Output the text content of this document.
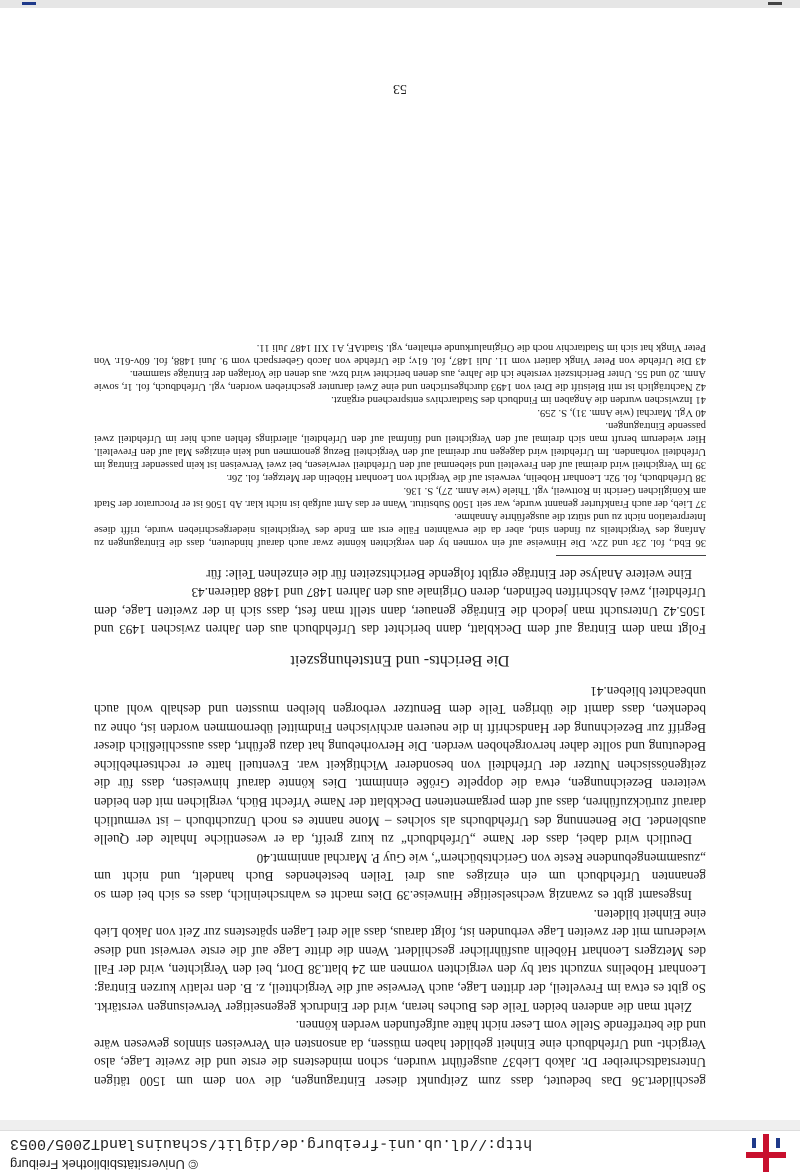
© Universitätsbibliothek Freiburg
http://dl.ub.uni-freiburg.de/diglit/schauinslandT2005/0053

geschildert.36 Das bedeutet, dass zum Zeitpunkt dieser Eintragungen, die von dem um 1500 tätigen Unterstadtschreiber Dr. Jakob Lieb37 ausgeführt wurden, schon mindestens die erste und die zweite Lage, also Vergicht- und Urfehdbuch eine Einheit gebildet haben müssen, da ansonsten ein Verweisen sinnlos gewesen wäre und die betreffende Stelle vom Leser nicht hätte aufgefunden werden können.

Zieht man die anderen beiden Teile des Buches heran, wird der Eindruck gegenseitiger Verweisungen verstärkt. So gibt es etwa im Frevelteil, der dritten Lage, auch Verweise auf die Vergichtteil, z. B. den relativ kurzen Eintrag: Leonhart Hobelins vnzucht stat by den vergichten vornnen am 24 blatt.38 Dort, bei den Vergichten, wird der Fall des Metzgers Leonhart Höbelin ausführlicher geschildert. Wenn die dritte Lage auf die erste verweist und diese wiederum mit der zweiten Lage verbunden ist, folgt daraus, dass alle drei Lagen spätestens zur Zeit von Jakob Lieb eine Einheit bildeten.

Insgesamt gibt es zwanzig wechselseitige Hinweise.39 Dies macht es wahrscheinlich, dass es sich bei dem so genannten Urfehdbuch um ein einziges aus drei Teilen bestehendes Buch handelt, und nicht um „zusammengebundene Reste von Gerichtsbüchern“, wie Guy P. Marchal annimmt.40

Deutlich wird dabei, dass der Name „Urfehdbuch“ zu kurz greift, da er wesentliche Inhalte der Quelle ausblendet. Die Benennung des Urfehdbuchs als solches – Mone nannte es noch Unzuchtbuch – ist vermutlich darauf zurückzuführen, dass auf dem pergamentenen Deckblatt der Name Vrfecht Büch, verglichen mit den beiden weiteren Bezeichnungen, etwa die doppelte Größe einnimmt. Dies könnte darauf hinweisen, dass für die zeitgenössischen Nutzer der Urfehdteil von besonderer Wichtigkeit war. Eventuell hatte er rechtserhebliche Bedeutung und sollte daher hervorgehoben werden. Die Hervorhebung hat dazu geführt, dass ausschließlich dieser Begriff zur Bezeichnung der Handschrift in die neueren archivischen Findmittel übernommen worden ist, ohne zu bedenken, dass damit die übrigen Teile dem Benutzer verborgen bleiben mussten und deshalb wohl auch unbeachtet blieben.41

Die Berichts- und Entstehungszeit

Folgt man dem Eintrag auf dem Deckblatt, dann berichtet das Urfehdbuch aus den Jahren zwischen 1493 und 1505.42 Untersucht man jedoch die Einträge genauer, dann stellt man fest, dass sich in der zweiten Lage, dem Urfehdteil, zwei Abschriften befinden, deren Originale aus den Jahren 1487 und 1488 datieren.43

Eine weitere Analyse der Einträge ergibt folgende Berichtszeiten für die einzelnen Teile: für

36 Ebd., fol. 23r und 22v. Die Hinweise auf ein vornnen by den vergichten könnte zwar auch darauf hindeuten, dass die Eintragungen zu Anfang des Vergichteils zu finden sind, aber da die erwähnten Fälle erst am Ende des Vergichteils niedergeschrieben wurde, trifft diese Interpretation nicht zu und stützt die ausgeführte Annahme.

37 Lieb, der auch Frankfurter genannt wurde, war seit 1500 Substitut. Wann er das Amt aufgab ist nicht klar. Ab 1506 ist er Procurator der Stadt am Königlichen Gericht in Rottweil, vgl. Thiele (wie Anm. 27), S. 136.

38 Urfehdbuch, fol. 92r. Leonhart Hobelin, verweist auf die Vergicht von Leonhart Höbelin der Metzger, fol. 26r.

39 Im Vergichteil wird dreimal auf den Frevelteil und siebenmal auf den Urfehdteil verwiesen, bei zwei Verweisen ist kein passender Eintrag im Urfehdteil vorhanden. Im Urfehdteil wird dagegen nur dreimal auf den Vergichteil Bezug genommen und kein einziges Mal auf den Frevelteil. Hier wiederum beruft man sich dreimal auf den Vergichteil und fünfmal auf den Urfehdteil, allerdings fehlen auch hier im Urfehdteil zwei passende Eintragungen.

40 Vgl. Marchal (wie Anm. 31), S. 259.

41 Inzwischen wurden die Angaben im Findbuch des Stadtarchivs entsprechend ergänzt.

42 Nachträglich ist mit Bleistift die Drei von 1493 durchgestrichen und eine Zwei darunter geschrieben worden, vgl. Urfehdbuch, fol. 1r, sowie Anm. 20 und 55. Unter Berichtszeit verstehe ich die Jahre, aus denen berichtet wird bzw. aus denen die Vorlagen der Einträge stammen.

43 Die Urfehde von Peter Vingk datiert vom 11. Juli 1487, fol. 61v; die Urfehde von Jacob Geberspach vom 9. Juni 1488, fol. 60v-61r. Von Peter Vingk hat sich im Stadtarchiv noch die Originalurkunde erhalten, vgl. StadtAF, A1 XII 1487 Juli 11.

53
